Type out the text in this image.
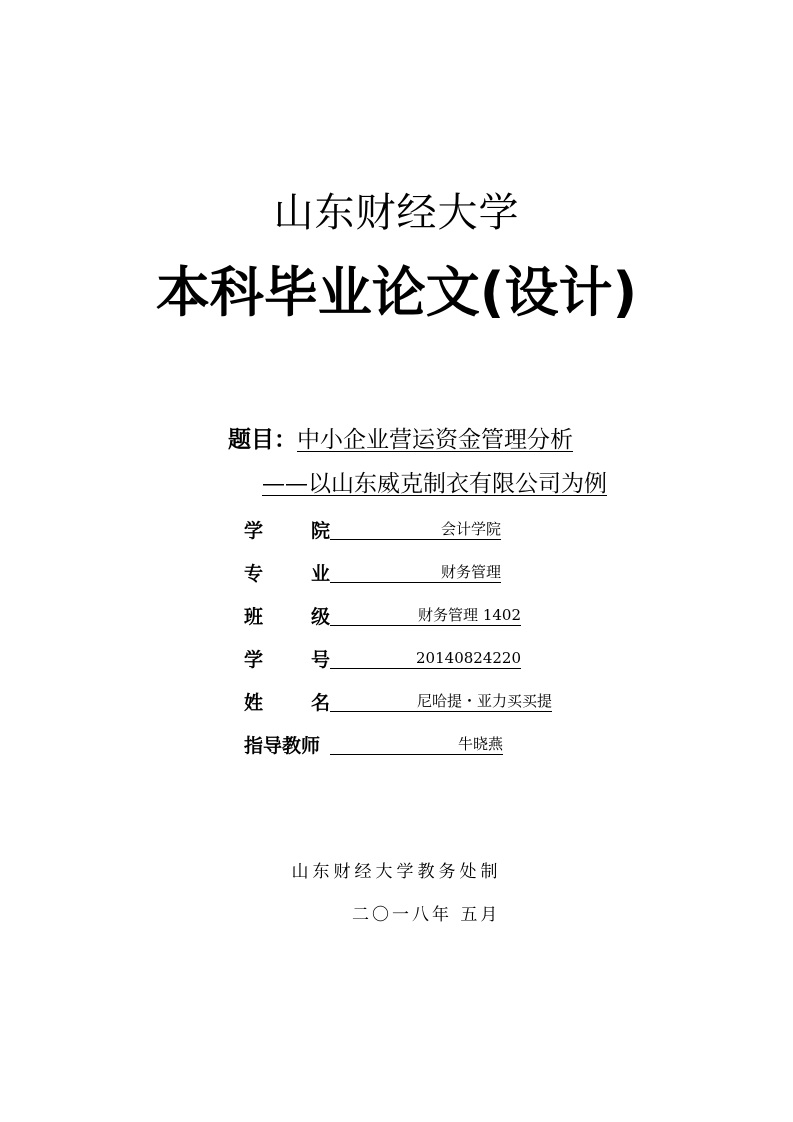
山东财经大学
本科毕业论文(设计)
题目：中小企业营运资金管理分析
——以山东威克制衣有限公司为例
学	院	会计学院
专	业	财务管理
班	级	财务管理 1402
学	号	20140824220
姓	名	尼哈提・亚力买买提
指导教师	牛晓燕
山东财经大学教务处制
二〇一八年 五月
